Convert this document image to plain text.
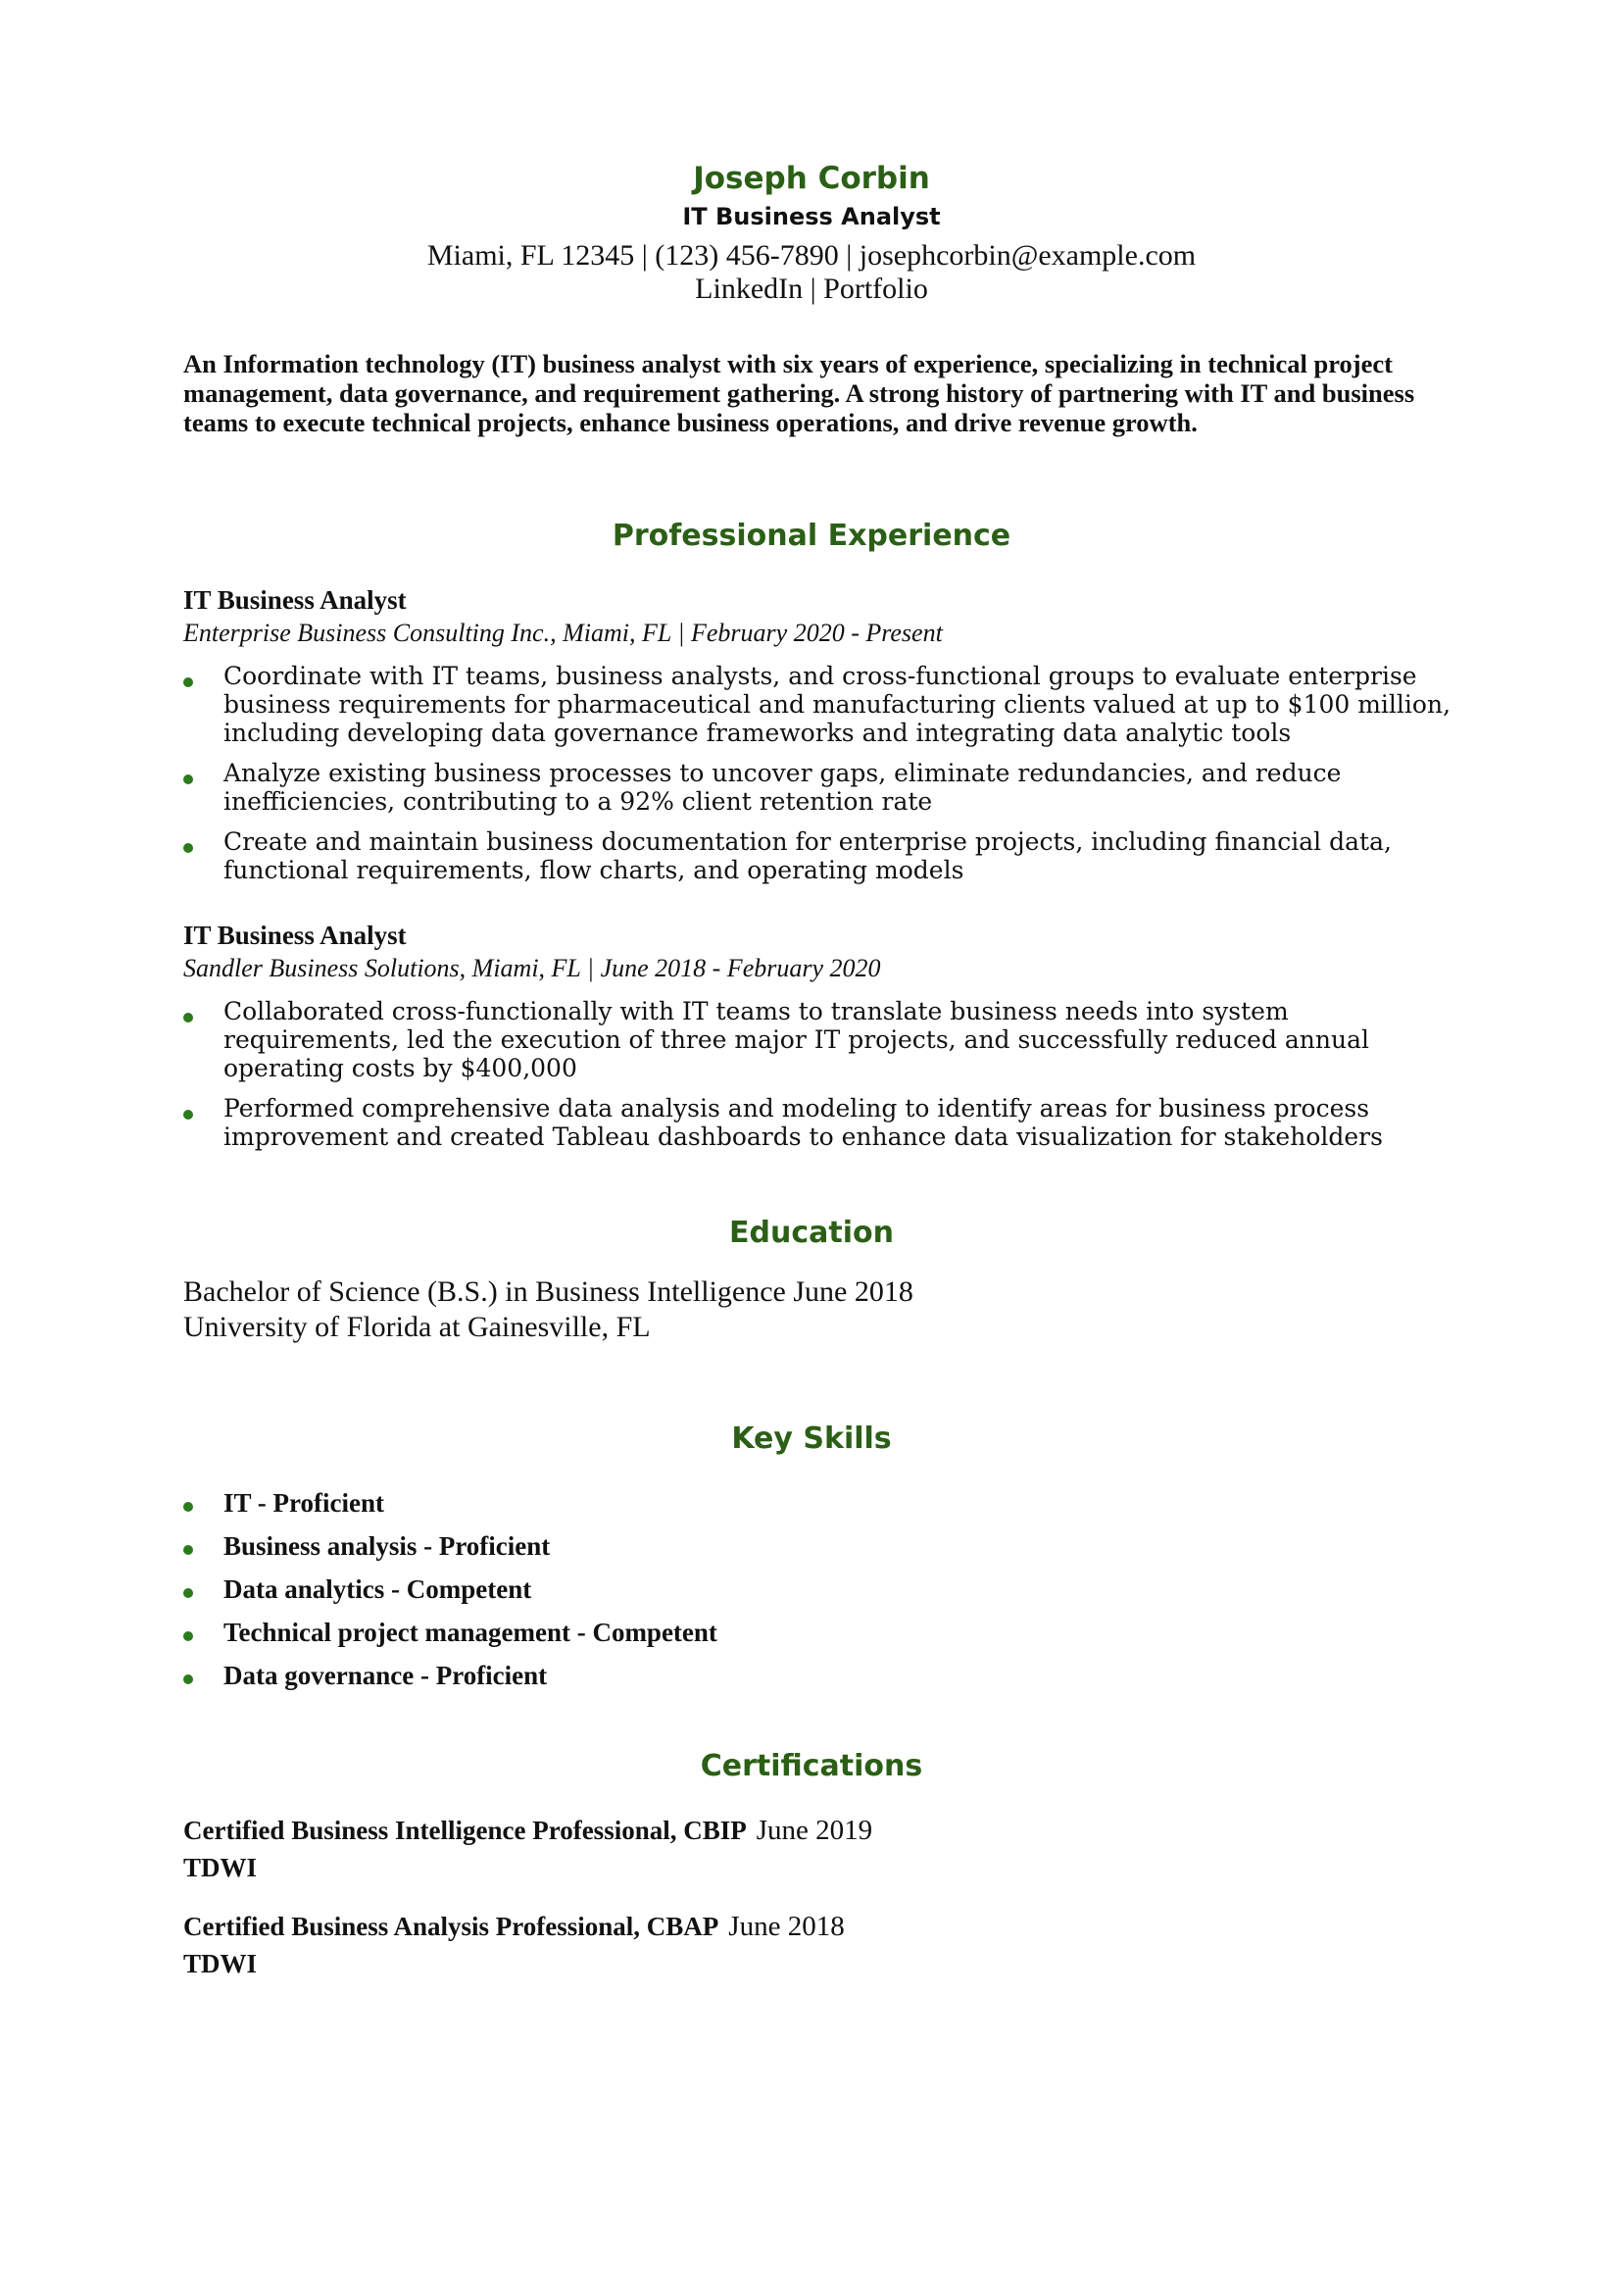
Joseph Corbin
IT Business Analyst
Miami, FL 12345 | (123) 456-7890 | josephcorbin@example.com
LinkedIn | Portfolio
An Information technology (IT) business analyst with six years of experience, specializing in technical project management, data governance, and requirement gathering. A strong history of partnering with IT and business teams to execute technical projects, enhance business operations, and drive revenue growth.
Professional Experience
IT Business Analyst
Enterprise Business Consulting Inc., Miami, FL | February 2020 - Present
Coordinate with IT teams, business analysts, and cross-functional groups to evaluate enterprise business requirements for pharmaceutical and manufacturing clients valued at up to $100 million, including developing data governance frameworks and integrating data analytic tools
Analyze existing business processes to uncover gaps, eliminate redundancies, and reduce inefficiencies, contributing to a 92% client retention rate
Create and maintain business documentation for enterprise projects, including financial data, functional requirements, flow charts, and operating models
IT Business Analyst
Sandler Business Solutions, Miami, FL | June 2018 - February 2020
Collaborated cross-functionally with IT teams to translate business needs into system requirements, led the execution of three major IT projects, and successfully reduced annual operating costs by $400,000
Performed comprehensive data analysis and modeling to identify areas for business process improvement and created Tableau dashboards to enhance data visualization for stakeholders
Education
Bachelor of Science (B.S.) in Business Intelligence June 2018
University of Florida at Gainesville, FL
Key Skills
IT - Proficient
Business analysis - Proficient
Data analytics - Competent
Technical project management - Competent
Data governance - Proficient
Certifications
Certified Business Intelligence Professional, CBIP June 2019
TDWI
Certified Business Analysis Professional, CBAP June 2018
TDWI
